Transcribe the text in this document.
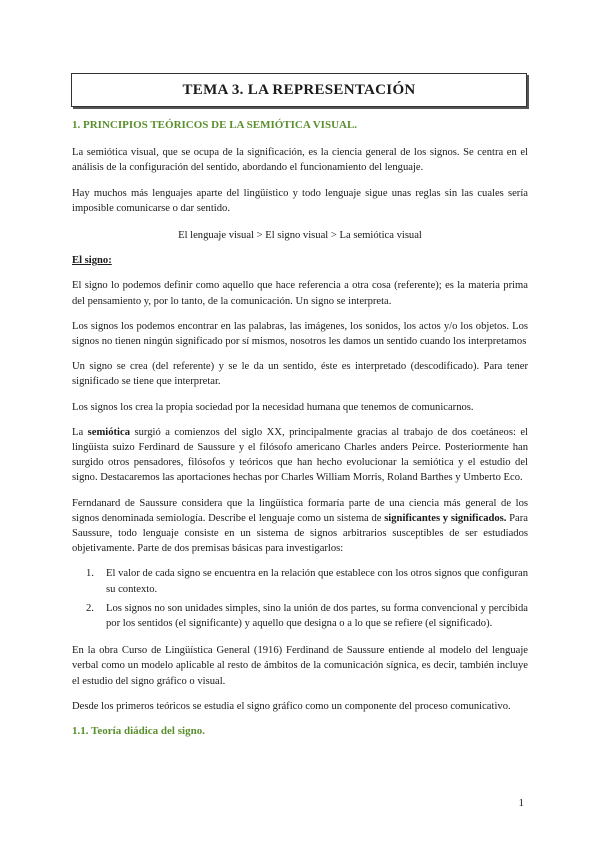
TEMA 3. LA REPRESENTACIÓN
1. PRINCIPIOS TEÓRICOS DE LA SEMIÓTICA VISUAL.

La semiótica visual, que se ocupa de la significación, es la ciencia general de los signos. Se centra en el análisis de la configuración del sentido, abordando el funcionamiento del lenguaje.

Hay muchos más lenguajes aparte del lingüístico y todo lenguaje sigue unas reglas sin las cuales sería imposible comunicarse o dar sentido.

El lenguaje visual > El signo visual > La semiótica visual
El signo:

El signo lo podemos definir como aquello que hace referencia a otra cosa (referente); es la materia prima del pensamiento y, por lo tanto, de la comunicación. Un signo se interpreta.

Los signos los podemos encontrar en las palabras, las imágenes, los sonidos, los actos y/o los objetos. Los signos no tienen ningún significado por sí mismos, nosotros les damos un sentido cuando los interpretamos

Un signo se crea (del referente) y se le da un sentido, éste es interpretado (descodificado). Para tener significado se tiene que interpretar.

Los signos los crea la propia sociedad por la necesidad humana que tenemos de comunicarnos.

La semiótica surgió a comienzos del siglo XX, principalmente gracias al trabajo de dos coetáneos: el lingüista suizo Ferdinard de Saussure y el filósofo americano Charles anders Peirce. Posteriormente han surgido otros pensadores, filósofos y teóricos que han hecho evolucionar la semiótica y el estudio del signo. Destacaremos las aportaciones hechas por Charles William Morris, Roland Barthes y Umberto Eco.

Ferndanard de Saussure considera que la lingüística formaría parte de una ciencia más general de los signos denominada semiología. Describe el lenguaje como un sistema de significantes y significados. Para Saussure, todo lenguaje consiste en un sistema de signos arbitrarios susceptibles de ser estudiados objetivamente. Parte de dos premisas básicas para investigarlos:

1.	El valor de cada signo se encuentra en la relación que establece con los otros signos que configuran su contexto.
2.	Los signos no son unidades simples, sino la unión de dos partes, su forma convencional y percibida por los sentidos (el significante) y aquello que designa o a lo que se refiere (el significado).

En la obra Curso de Lingüística General (1916) Ferdinand de Saussure entiende al modelo del lenguaje verbal como un modelo aplicable al resto de ámbitos de la comunicación sígnica, es decir, también incluye el estudio del signo gráfico o visual.

Desde los primeros teóricos se estudia el signo gráfico como un componente del proceso comunicativo.

1.1. Teoría diádica del signo.
1
